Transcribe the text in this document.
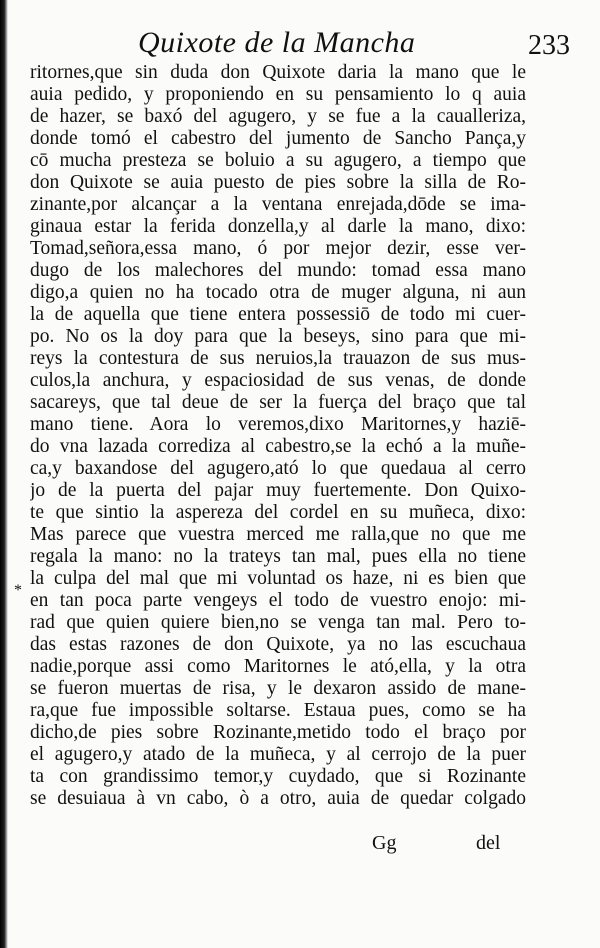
Quixote de la Mancha	233
*
ritornes,que sin duda don Quixote daria la mano que le
auia pedido, y proponiendo en su pensamiento lo q auia
de hazer, se baxó del agugero, y se fue a la caualleriza,
donde tomó el cabestro del jumento de Sancho Pança,y
cō mucha presteza se boluio a su agugero, a tiempo que
don Quixote se auia puesto de pies sobre la silla de Ro-
zinante,por alcançar a la ventana enrejada,dōde se ima-
ginaua estar la ferida donzella,y al darle la mano, dixo:
Tomad,señora,essa mano, ó por mejor dezir, esse ver-
dugo de los malechores del mundo: tomad essa mano
digo,a quien no ha tocado otra de muger alguna, ni aun
la de aquella que tiene entera possessiō de todo mi cuer-
po. No os la doy para que la beseys, sino para que mi-
reys la contestura de sus neruios,la trauazon de sus mus-
culos,la anchura, y espaciosidad de sus venas, de donde
sacareys, que tal deue de ser la fuerça del braço que tal
mano tiene. Aora lo veremos,dixo Maritornes,y haziē-
do vna lazada corrediza al cabestro,se la echó a la muñe-
ca,y baxandose del agugero,ató lo que quedaua al cerro
jo de la puerta del pajar muy fuertemente. Don Quixo-
te que sintio la aspereza del cordel en su muñeca, dixo:
Mas parece que vuestra merced me ralla,que no que me
regala la mano: no la trateys tan mal, pues ella no tiene
la culpa del mal que mi voluntad os haze, ni es bien que
en tan poca parte vengeys el todo de vuestro enojo: mi-
rad que quien quiere bien,no se venga tan mal. Pero to-
das estas razones de don Quixote, ya no las escuchaua
nadie,porque assi como Maritornes le ató,ella, y la otra
se fueron muertas de risa, y le dexaron assido de mane-
ra,que fue impossible soltarse. Estaua pues, como se ha
dicho,de pies sobre Rozinante,metido todo el braço por
el agugero,y atado de la muñeca, y al cerrojo de la puer
ta con grandissimo temor,y cuydado, que si Rozinante
se desuiaua à vn cabo, ò a otro, auia de quedar colgado
Gg	del
